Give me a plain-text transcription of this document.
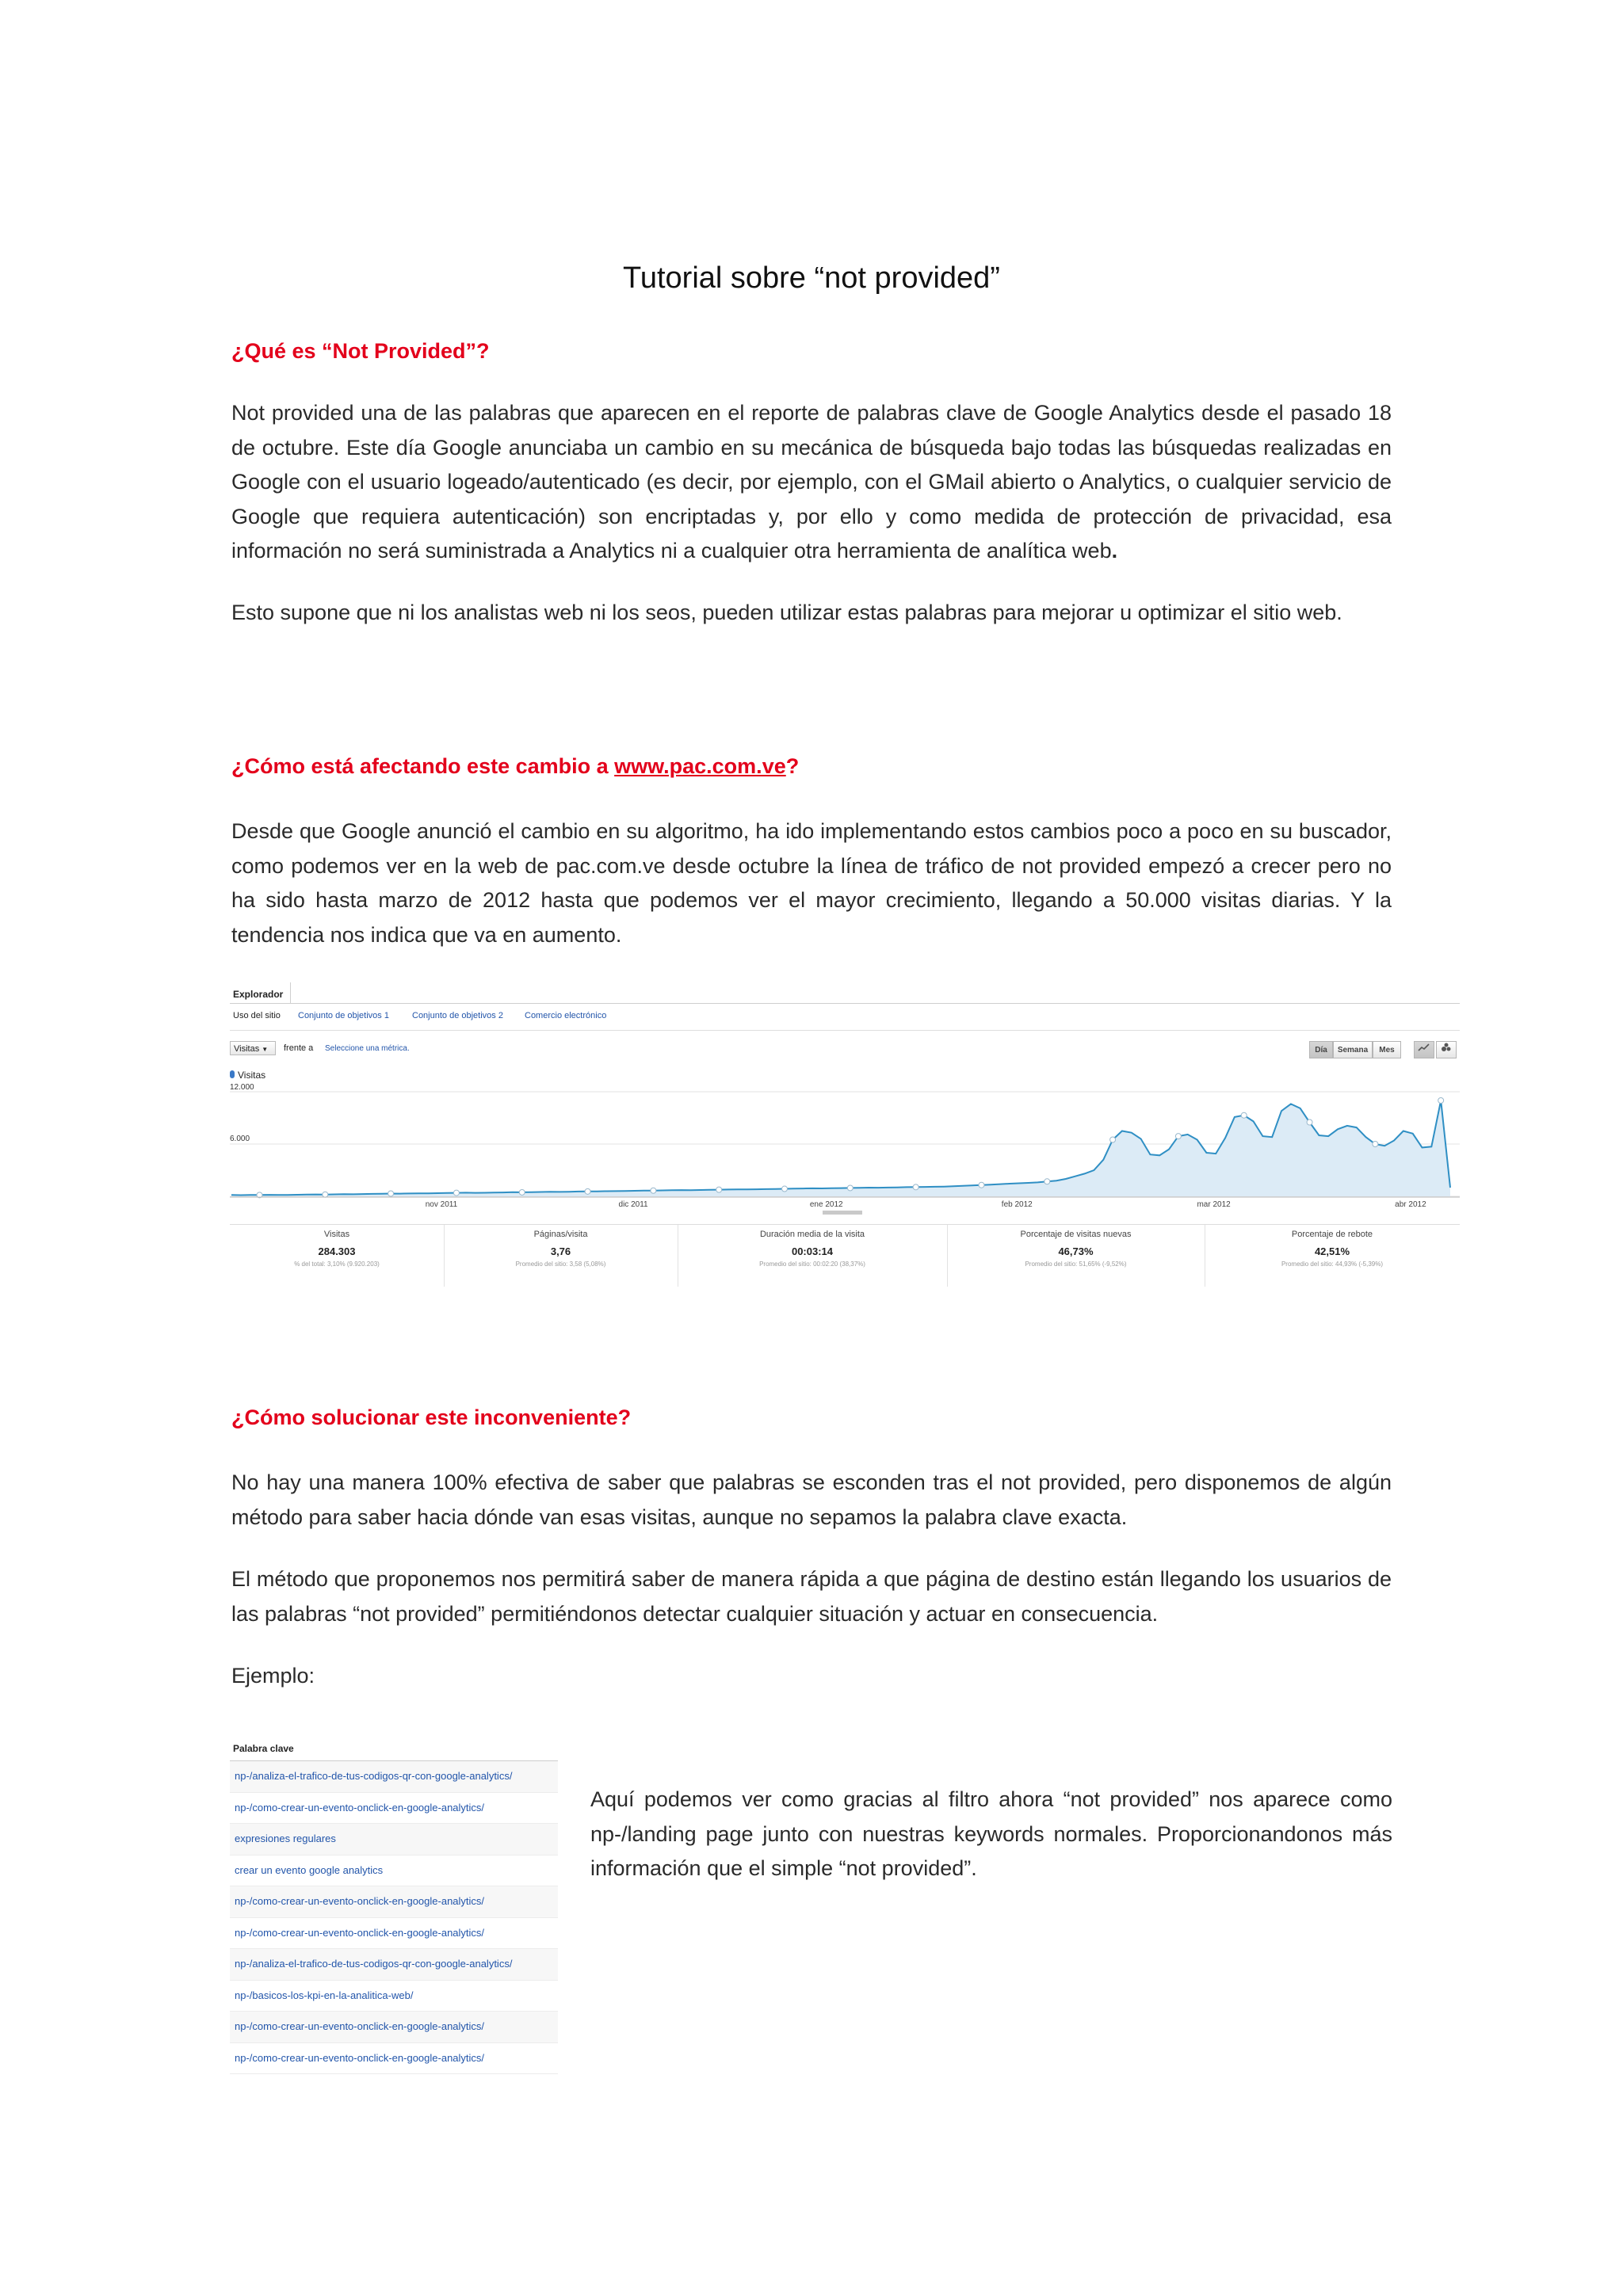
Tutorial sobre “not provided”
¿Qué es “Not Provided”?
Not provided una de las palabras que aparecen en el reporte de palabras clave de Google Analytics desde el pasado 18 de octubre. Este día Google anunciaba un cambio en su mecánica de búsqueda bajo todas las búsquedas realizadas en Google con el usuario logeado/autenticado (es decir, por ejemplo, con el GMail abierto o Analytics, o cualquier servicio de Google que requiera autenticación) son encriptadas y, por ello y como medida de protección de privacidad, esa información no será suministrada a Analytics ni a cualquier otra herramienta de analítica web.
Esto supone que ni los analistas web ni los seos, pueden utilizar estas palabras para mejorar u optimizar el sitio web.
¿Cómo está afectando este cambio a www.pac.com.ve?
Desde que Google anunció el cambio en su algoritmo, ha ido implementando estos cambios poco a poco en su buscador, como podemos ver en la web de pac.com.ve desde octubre la línea de tráfico de not provided empezó a crecer pero no ha sido hasta marzo de 2012 hasta que podemos ver el mayor crecimiento, llegando a 50.000 visitas diarias. Y la tendencia nos indica que va en aumento.
Explorador
Uso del sitio Conjunto de objetivos 1	Conjunto de objetivos 2 Comercio electrónico
Visitas ▼	frente a Seleccione una métrica.	Día	Semana	Mes
Visitas
12.000
6.000
nov 2011	dic 2011	ene 2012	feb 2012	mar 2012	abr 2012
Visitas
284.303
% del total: 3,10% (9.920.203)
Páginas/visita
3,76
Promedio del sitio: 3,58 (5,08%)
Duración media de la visita
00:03:14
Promedio del sitio: 00:02:20 (38,37%)
Porcentaje de visitas nuevas
46,73%
Promedio del sitio: 51,65% (-9,52%)
Porcentaje de rebote
42,51%
Promedio del sitio: 44,93% (-5,39%)
¿Cómo solucionar este inconveniente?
No hay una manera 100% efectiva de saber que palabras se esconden tras el not provided, pero disponemos de algún método para saber hacia dónde van esas visitas, aunque no sepamos la palabra clave exacta.
El método que proponemos nos permitirá saber de manera rápida a que página de destino están llegando los usuarios de las palabras “not provided” permitiéndonos detectar cualquier situación y actuar en consecuencia.
Ejemplo:
Palabra clave
np-/analiza-el-trafico-de-tus-codigos-qr-con-google-analytics/
np-/como-crear-un-evento-onclick-en-google-analytics/
expresiones regulares
crear un evento google analytics
np-/como-crear-un-evento-onclick-en-google-analytics/
np-/como-crear-un-evento-onclick-en-google-analytics/
np-/analiza-el-trafico-de-tus-codigos-qr-con-google-analytics/
np-/basicos-los-kpi-en-la-analitica-web/
np-/como-crear-un-evento-onclick-en-google-analytics/
np-/como-crear-un-evento-onclick-en-google-analytics/
Aquí podemos ver como gracias al filtro ahora “not provided” nos aparece como np-/landing page junto con nuestras keywords normales. Proporcionandonos más información que el simple “not provided”.
